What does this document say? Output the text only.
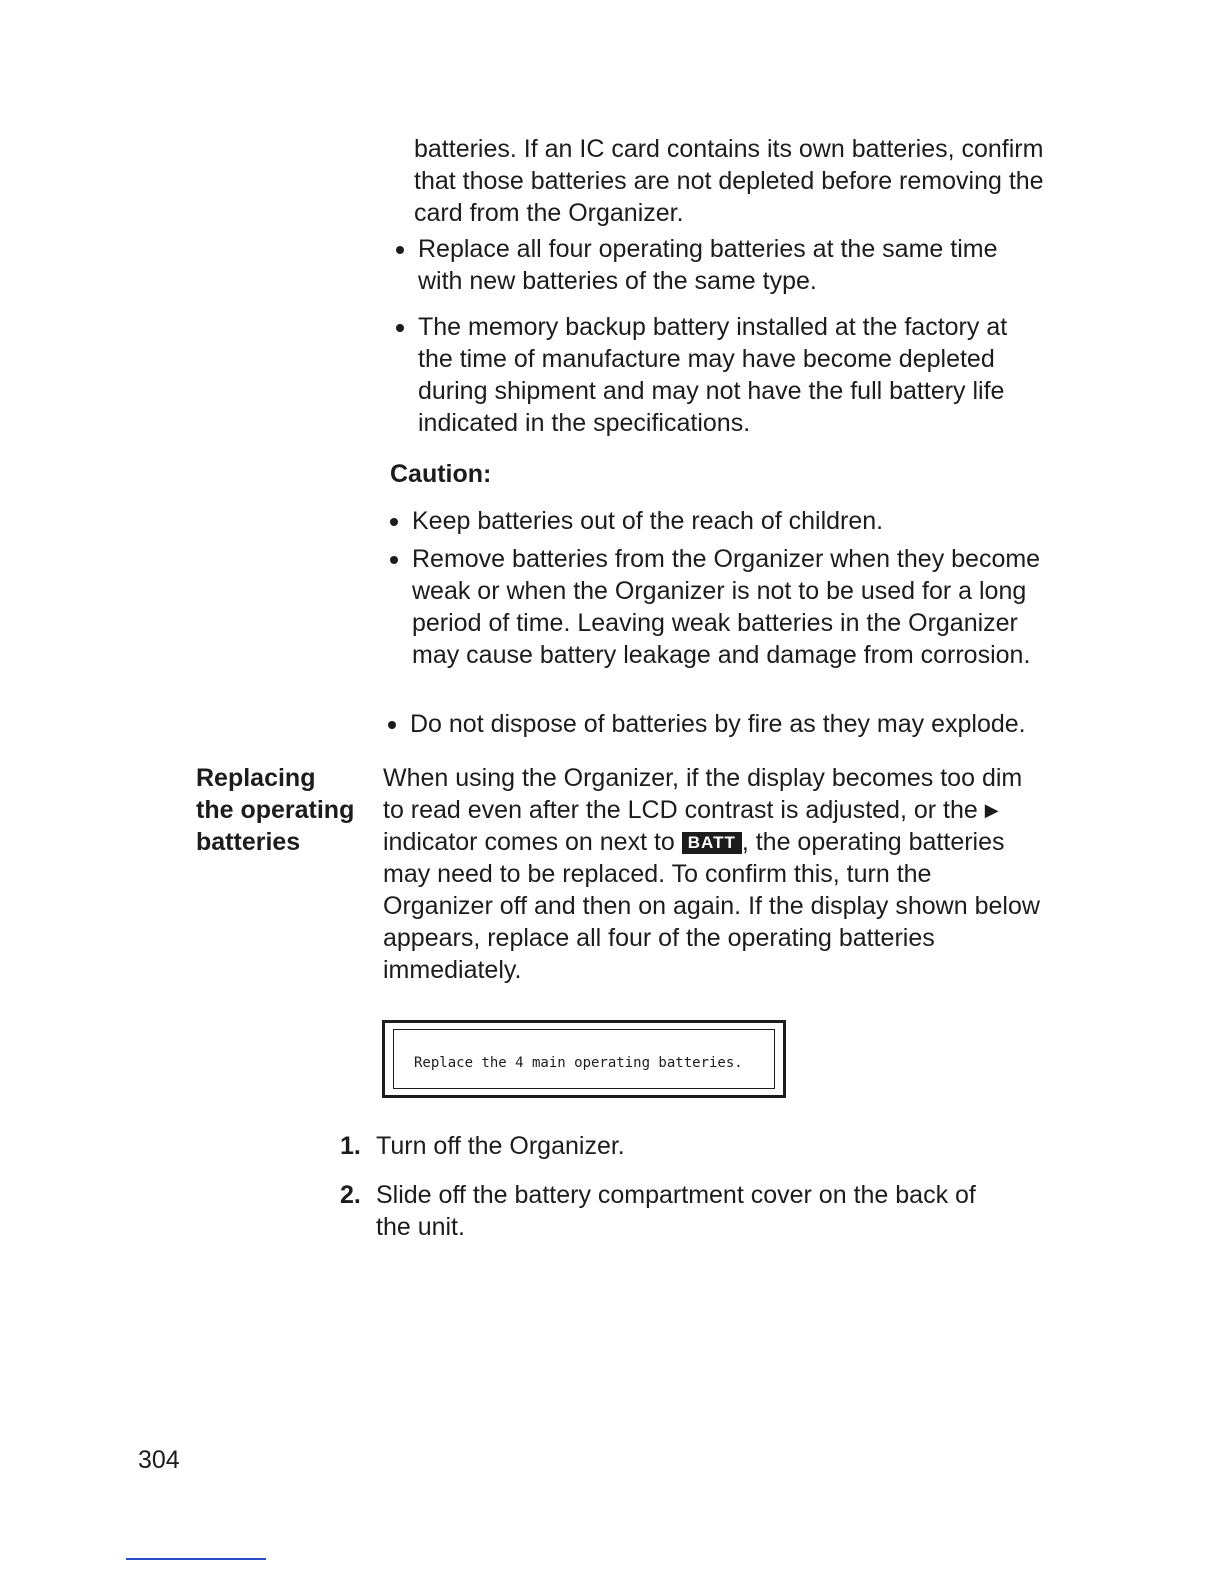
batteries. If an IC card contains its own batteries, confirm that those batteries are not depleted before removing the card from the Organizer.

Replace all four operating batteries at the same time with new batteries of the same type.
The memory backup battery installed at the factory at the time of manufacture may have become depleted during shipment and may not have the full battery life indicated in the specifications.

Caution:

Keep batteries out of the reach of children.
Remove batteries from the Organizer when they become weak or when the Organizer is not to be used for a long period of time. Leaving weak batteries in the Organizer may cause battery leakage and damage from corrosion.
Do not dispose of batteries by fire as they may explode.
Replacing
the operating
batteries

When using the Organizer, if the display becomes too dim to read even after the LCD contrast is adjusted, or the ▶ indicator comes on next to BATT , the operating batteries may need to be replaced. To confirm this, turn the Organizer off and then on again. If the display shown below appears, replace all four of the operating batteries immediately.

Replace the 4 main operating batteries.
1. Turn off the Organizer.
2. Slide off the battery compartment cover on the back of the unit.

304
